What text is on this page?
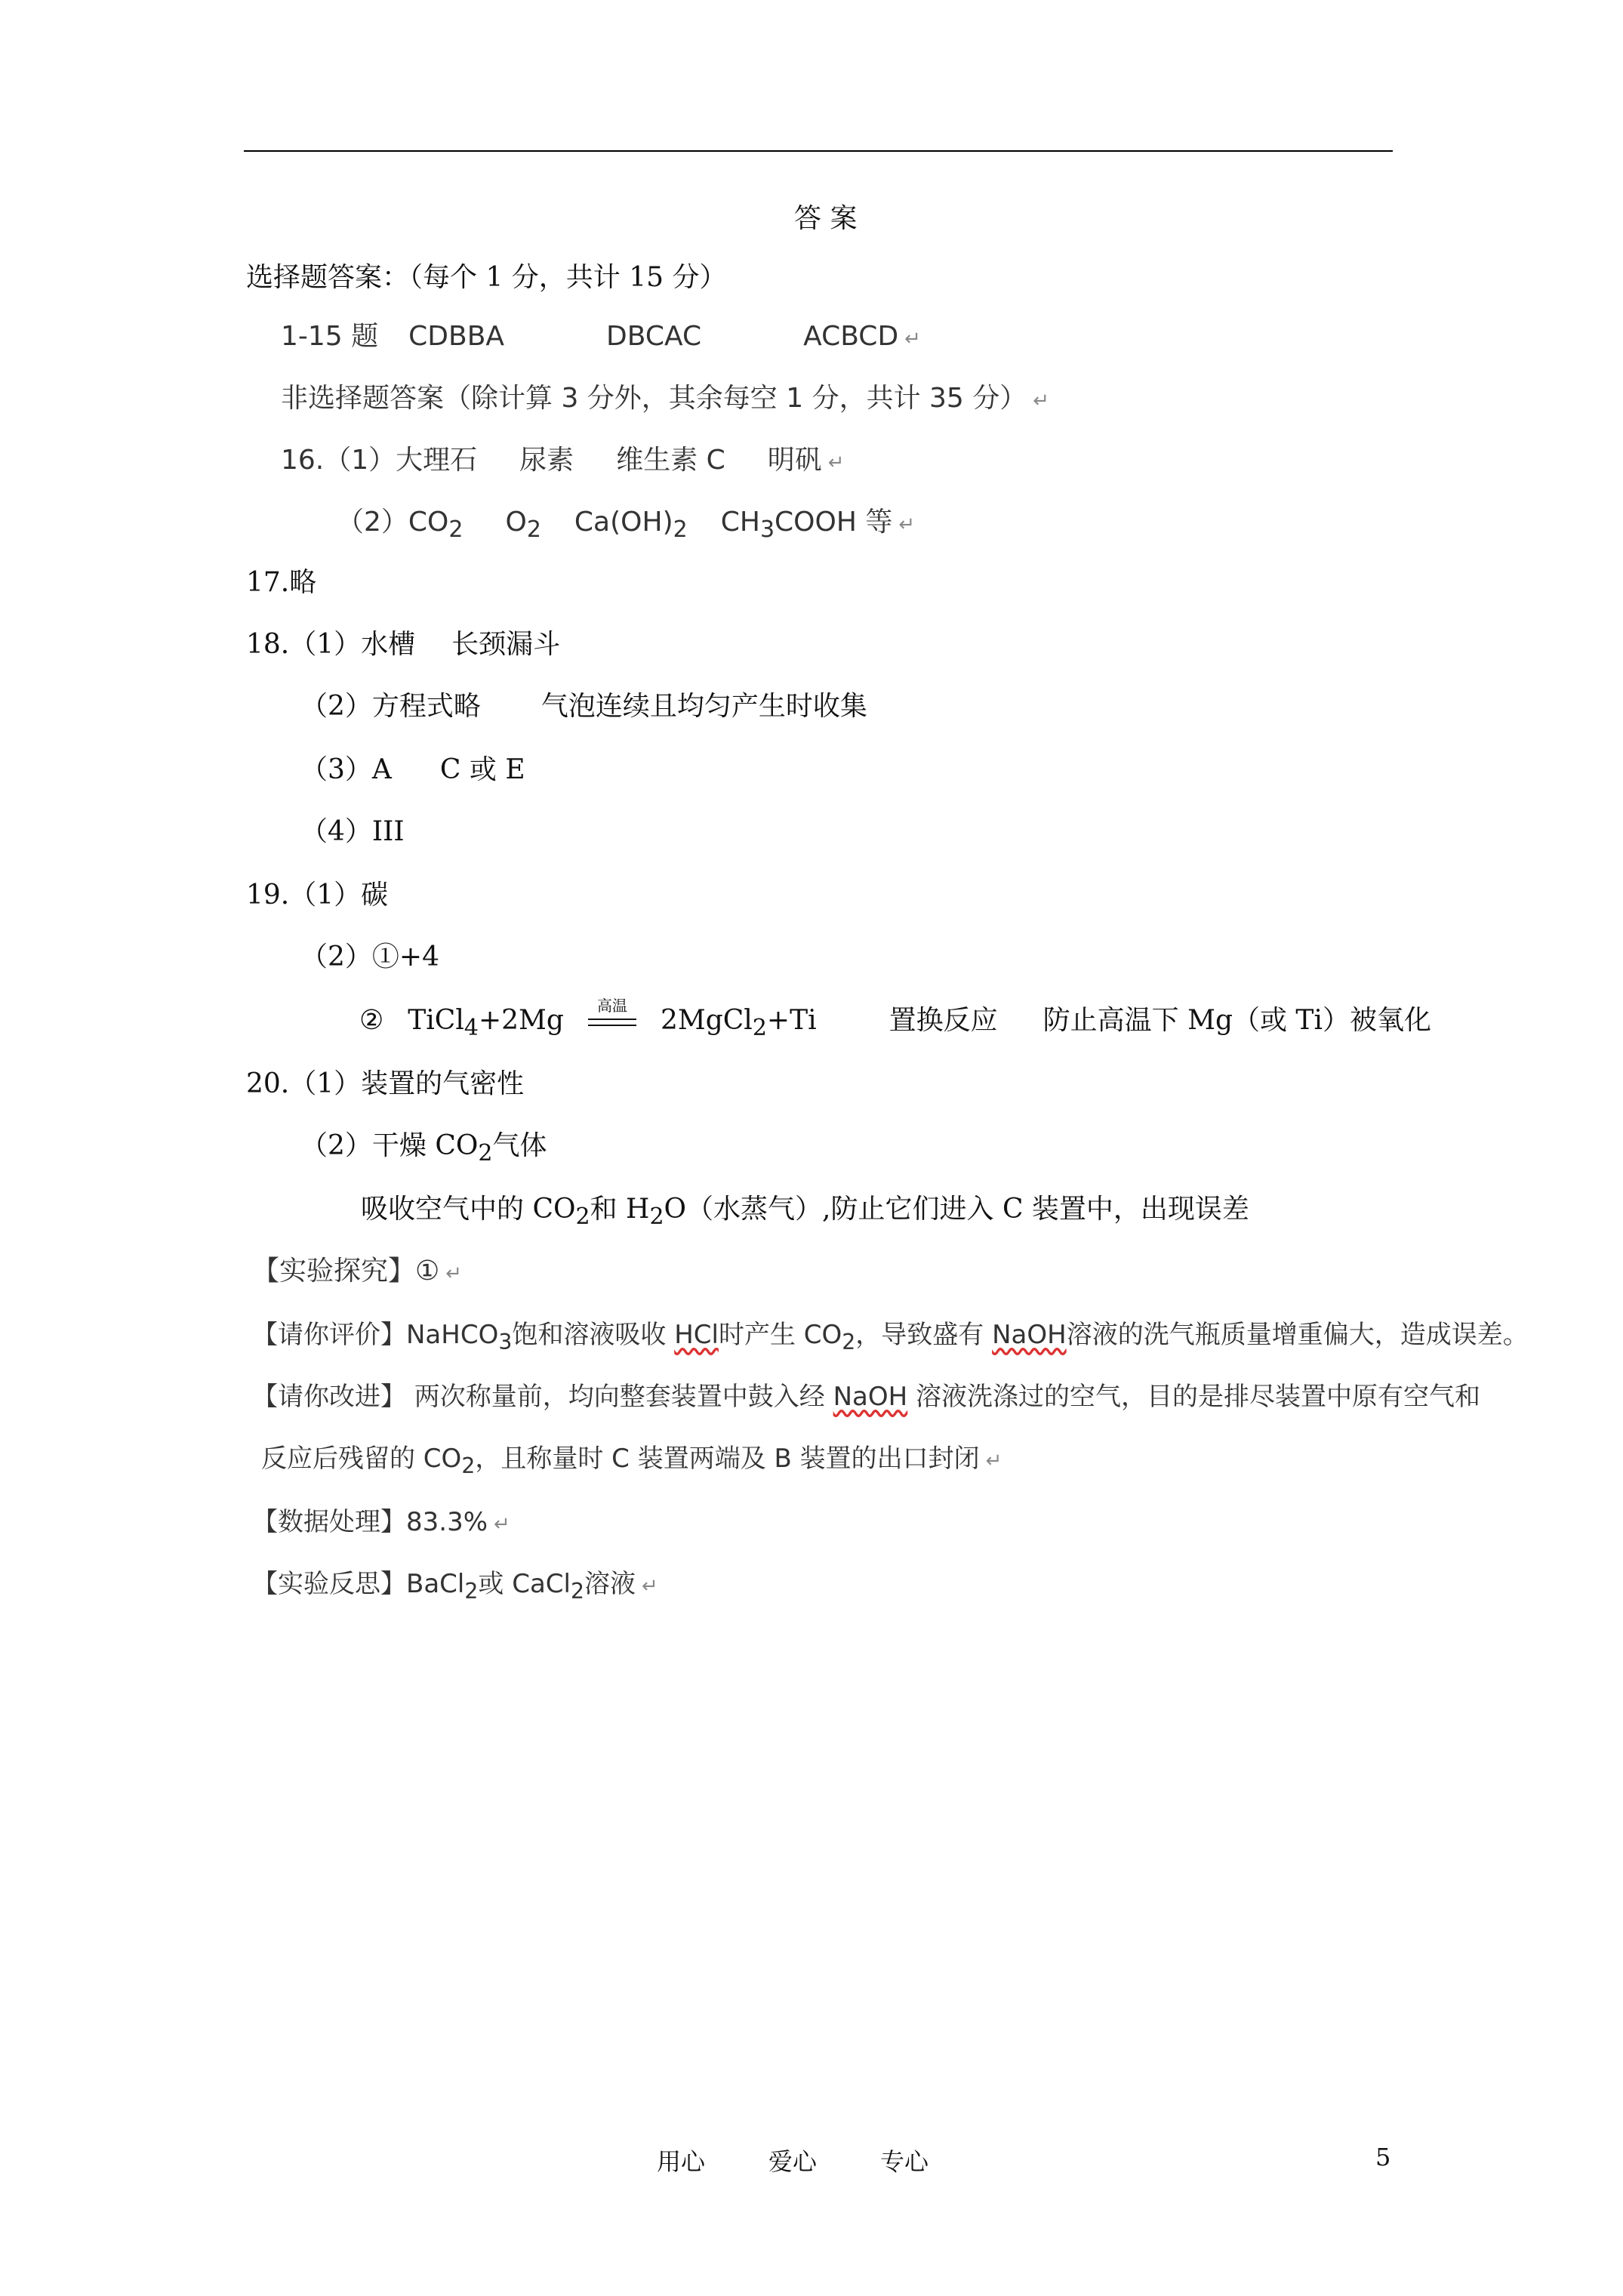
答 案
选择题答案：（每个 1 分，共计 15 分）
1-15 题 CDBBA	DBCAC	ACBCD ↵
非选择题答案（除计算 3 分外，其余每空 1 分，共计 35 分） ↵
16.（1）大理石 尿素 维生素 C 明矾 ↵
$(2)CO_2$ $O_2$ $Ca(OH)_2$ $CH_3COOH$ 等 ↵
17.略
18.（1）水槽 长颈漏斗
（2）方程式略 气泡连续且均匀产生时收集
（3）A C 或 E
（4）III
19.（1）碳
（2）①+4
② TiCl$_4$+2Mg	高温	2MgCl$_2$+Ti	置换反应 防止高温下 Mg（或 Ti）被氧化
20.（1）装置的气密性
（2）干燥 $CO_2$气体
吸收空气中的 $CO_2$和 $H_2O$（水蒸气）,防止它们进入 C 装置中，出现误差
【实验探究】① ↵
【请你评价】NaHCO$_3$饱和溶液吸收 HCl时产生 $CO_2$，导致盛有 NaOH溶液的洗气瓶质量增重偏大，造成误差。
【请你改进】 两次称量前，均向整套装置中鼓入经 NaOH 溶液洗涤过的空气，目的是排尽装置中原有空气和
反应后残留的 $CO_2$，且称量时 C 装置两端及 B 装置的出口封闭 ↵
【数据处理】83.3% ↵
【实验反思】BaCl$_2$或 CaCl$_2$溶液 ↵
用心	爱心	专心	5
